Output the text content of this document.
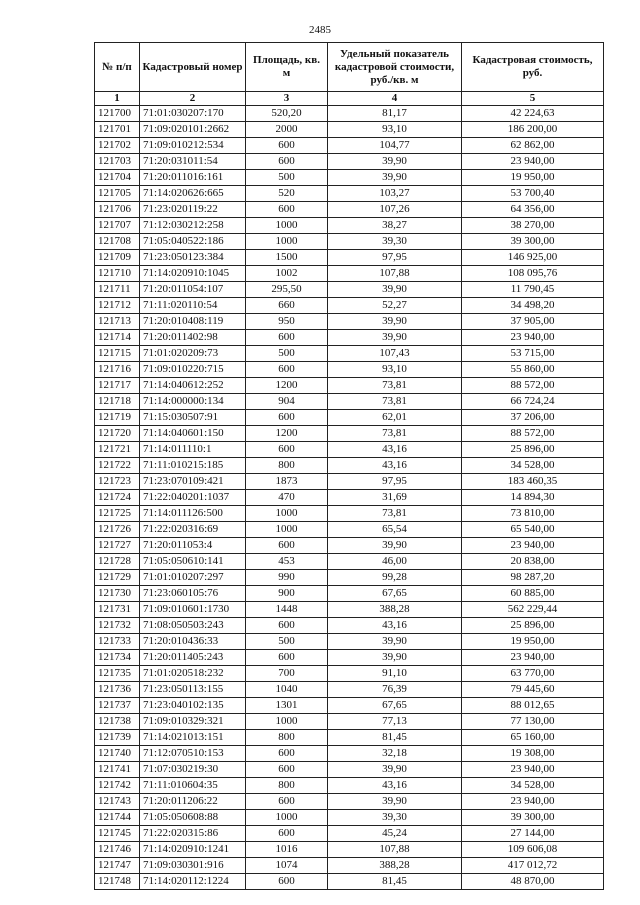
2485
№ п/п	Кадастровый номер	Площадь, кв. м	Удельный показатель кадастровой стоимости, руб./кв. м	Кадастровая стоимость, руб.
1	2	3	4	5
121700	71:01:030207:170	520,20	81,17	42 224,63
121701	71:09:020101:2662	2000	93,10	186 200,00
121702	71:09:010212:534	600	104,77	62 862,00
121703	71:20:031011:54	600	39,90	23 940,00
121704	71:20:011016:161	500	39,90	19 950,00
121705	71:14:020626:665	520	103,27	53 700,40
121706	71:23:020119:22	600	107,26	64 356,00
121707	71:12:030212:258	1000	38,27	38 270,00
121708	71:05:040522:186	1000	39,30	39 300,00
121709	71:23:050123:384	1500	97,95	146 925,00
121710	71:14:020910:1045	1002	107,88	108 095,76
121711	71:20:011054:107	295,50	39,90	11 790,45
121712	71:11:020110:54	660	52,27	34 498,20
121713	71:20:010408:119	950	39,90	37 905,00
121714	71:20:011402:98	600	39,90	23 940,00
121715	71:01:020209:73	500	107,43	53 715,00
121716	71:09:010220:715	600	93,10	55 860,00
121717	71:14:040612:252	1200	73,81	88 572,00
121718	71:14:000000:134	904	73,81	66 724,24
121719	71:15:030507:91	600	62,01	37 206,00
121720	71:14:040601:150	1200	73,81	88 572,00
121721	71:14:011110:1	600	43,16	25 896,00
121722	71:11:010215:185	800	43,16	34 528,00
121723	71:23:070109:421	1873	97,95	183 460,35
121724	71:22:040201:1037	470	31,69	14 894,30
121725	71:14:011126:500	1000	73,81	73 810,00
121726	71:22:020316:69	1000	65,54	65 540,00
121727	71:20:011053:4	600	39,90	23 940,00
121728	71:05:050610:141	453	46,00	20 838,00
121729	71:01:010207:297	990	99,28	98 287,20
121730	71:23:060105:76	900	67,65	60 885,00
121731	71:09:010601:1730	1448	388,28	562 229,44
121732	71:08:050503:243	600	43,16	25 896,00
121733	71:20:010436:33	500	39,90	19 950,00
121734	71:20:011405:243	600	39,90	23 940,00
121735	71:01:020518:232	700	91,10	63 770,00
121736	71:23:050113:155	1040	76,39	79 445,60
121737	71:23:040102:135	1301	67,65	88 012,65
121738	71:09:010329:321	1000	77,13	77 130,00
121739	71:14:021013:151	800	81,45	65 160,00
121740	71:12:070510:153	600	32,18	19 308,00
121741	71:07:030219:30	600	39,90	23 940,00
121742	71:11:010604:35	800	43,16	34 528,00
121743	71:20:011206:22	600	39,90	23 940,00
121744	71:05:050608:88	1000	39,30	39 300,00
121745	71:22:020315:86	600	45,24	27 144,00
121746	71:14:020910:1241	1016	107,88	109 606,08
121747	71:09:030301:916	1074	388,28	417 012,72
121748	71:14:020112:1224	600	81,45	48 870,00
